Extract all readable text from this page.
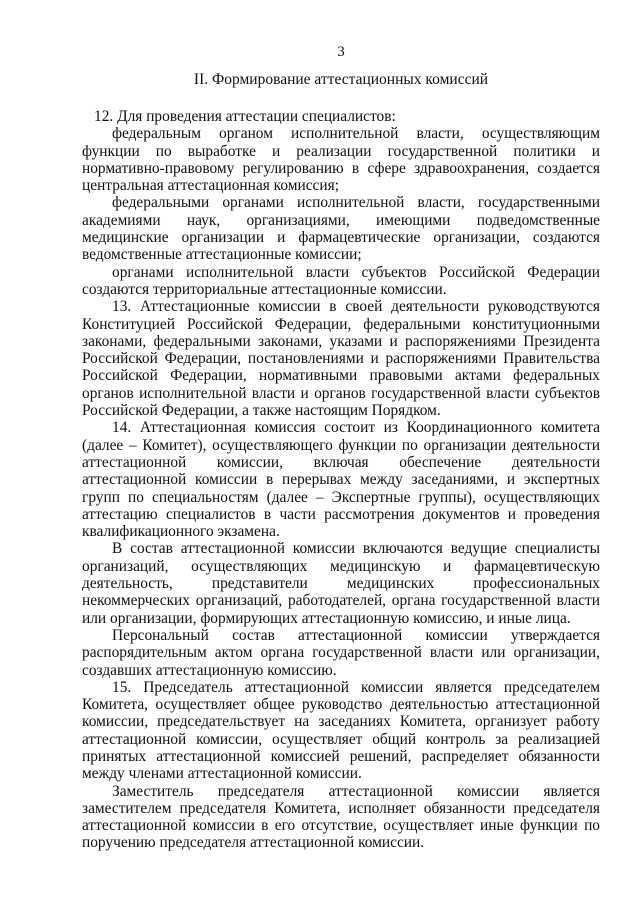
3
II. Формирование аттестационных комиссий

12. Для проведения аттестации специалистов:

федеральным органом исполнительной власти, осуществляющим функции по выработке и реализации государственной политики и нормативно-правовому регулированию в сфере здравоохранения, создается центральная аттестационная комиссия;

федеральными органами исполнительной власти, государственными академиями наук, организациями, имеющими подведомственные медицинские организации и фармацевтические организации, создаются ведомственные аттестационные комиссии;

органами исполнительной власти субъектов Российской Федерации создаются территориальные аттестационные комиссии.

13. Аттестационные комиссии в своей деятельности руководствуются Конституцией Российской Федерации, федеральными конституционными законами, федеральными законами, указами и распоряжениями Президента Российской Федерации, постановлениями и распоряжениями Правительства Российской Федерации, нормативными правовыми актами федеральных органов исполнительной власти и органов государственной власти субъектов Российской Федерации, а также настоящим Порядком.

14. Аттестационная комиссия состоит из Координационного комитета (далее – Комитет), осуществляющего функции по организации деятельности аттестационной комиссии, включая обеспечение деятельности аттестационной комиссии в перерывах между заседаниями, и экспертных групп по специальностям (далее – Экспертные группы), осуществляющих аттестацию специалистов в части рассмотрения документов и проведения квалификационного экзамена.

В состав аттестационной комиссии включаются ведущие специалисты организаций, осуществляющих медицинскую и фармацевтическую деятельность, представители медицинских профессиональных некоммерческих организаций, работодателей, органа государственной власти или организации, формирующих аттестационную комиссию, и иные лица.

Персональный состав аттестационной комиссии утверждается распорядительным актом органа государственной власти или организации, создавших аттестационную комиссию.

15. Председатель аттестационной комиссии является председателем Комитета, осуществляет общее руководство деятельностью аттестационной комиссии, председательствует на заседаниях Комитета, организует работу аттестационной комиссии, осуществляет общий контроль за реализацией принятых аттестационной комиссией решений, распределяет обязанности между членами аттестационной комиссии.

Заместитель председателя аттестационной комиссии является заместителем председателя Комитета, исполняет обязанности председателя аттестационной комиссии в его отсутствие, осуществляет иные функции по поручению председателя аттестационной комиссии.
